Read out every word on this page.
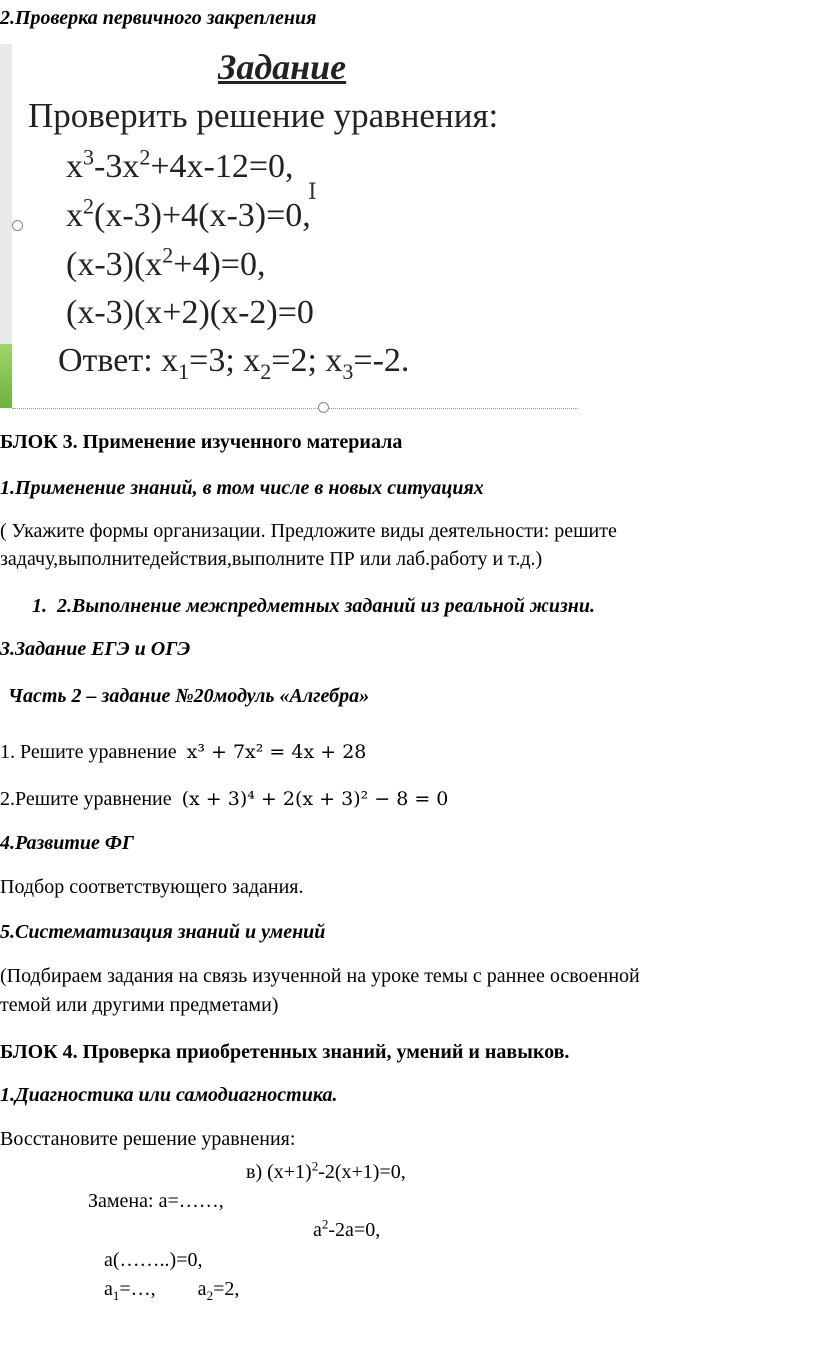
2.Проверка первичного закрепления
Задание
Проверить решение уравнения:
$x^3-3x^2+4x-12=0$,
$x^2(x-3)+4(x-3)=0$,
I
$(x-3)(x^2+4)=0$,
(x-3)(x+2)(x-2)=0
Ответ: $x_1=3$; $x_2=2$; $x_3=-2$.
БЛОК 3. Применение изученного материала
1.Применение знаний, в том числе в новых ситуациях
( Укажите формы организации. Предложите виды деятельности: решите
задачу,выполнитедействия,выполните ПР или лаб.работу и т.д.)
1. 2.Выполнение межпредметных заданий из реальной жизни.
3.Задание ЕГЭ и ОГЭ
Часть 2 – задание №20модуль «Алгебра»
1. Решите уравнение x³ + 7x² = 4x + 28
2.Решите уравнение (x + 3)⁴ + 2(x + 3)² − 8 = 0
4.Развитие ФГ
Подбор соответствующего задания.
5.Систематизация знаний и умений
(Подбираем задания на связь изученной на уроке темы с раннее освоенной
темой или другими предметами)
БЛОК 4. Проверка приобретенных знаний, умений и навыков.
1.Диагностика или самодиагностика.
Восстановите решение уравнения:
в) $(x+1)^2-2(x+1)=0$,
Замена: а=……,
$а^2-2а=0$,
а(……..)=0,
$а_1=\dots$, $а_2=2$,
